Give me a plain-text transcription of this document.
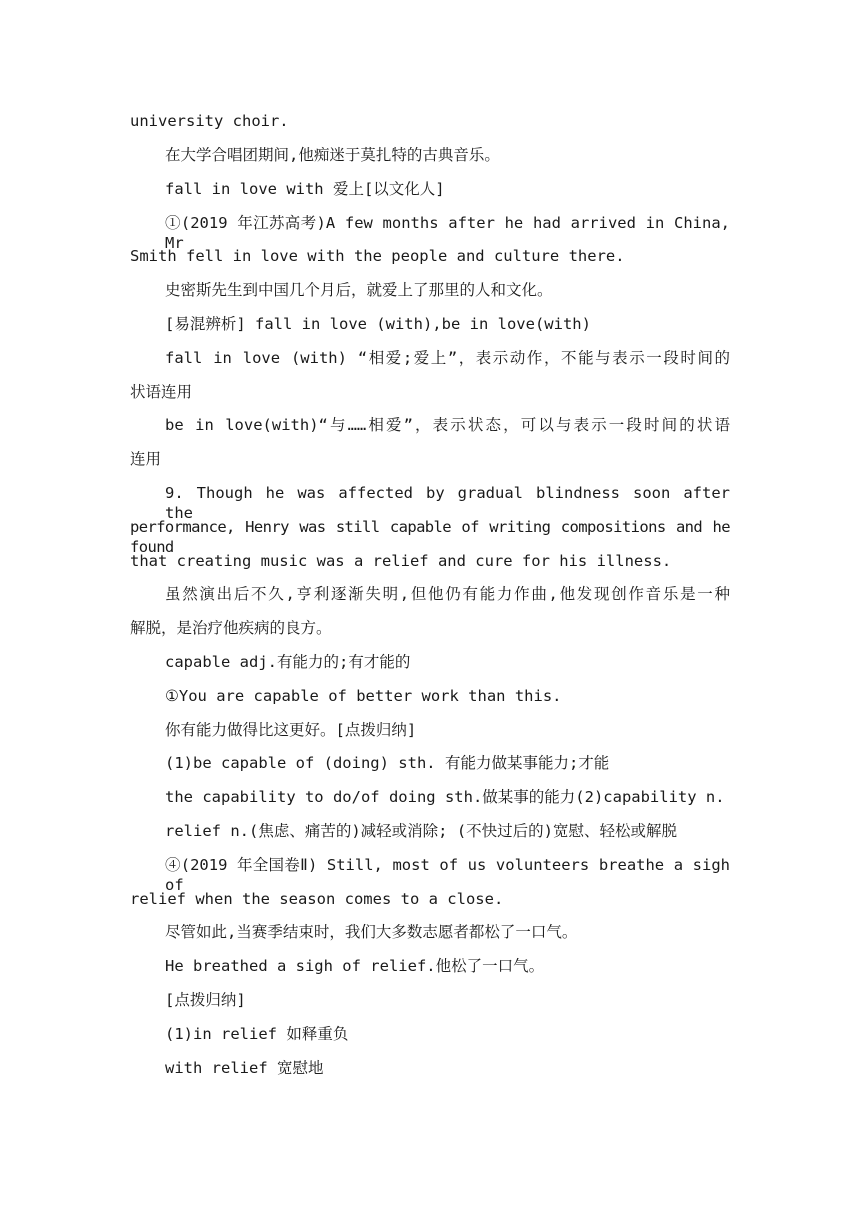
university choir.
在大学合唱团期间,他痴迷于莫扎特的古典音乐。
fall in love with 爱上[以文化人]
①(2019 年江苏高考)A few months after he had arrived in China, Mr
Smith fell in love with the people and culture there.
史密斯先生到中国几个月后，就爱上了那里的人和文化。
[易混辨析] fall in love (with),be in love(with)
fall in love (with) “相爱;爱上”，表示动作，不能与表示一段时间的
状语连用
be in love(with)“与……相爱”，表示状态，可以与表示一段时间的状语
连用
9. Though he was affected by gradual blindness soon after the
performance, Henry was still capable of writing compositions and he found
that creating music was a relief and cure for his illness.
虽然演出后不久,亨利逐渐失明,但他仍有能力作曲,他发现创作音乐是一种
解脱，是治疗他疾病的良方。
capable adj.有能力的;有才能的
①You are capable of better work than this.
你有能力做得比这更好。[点拨归纳]
(1)be capable of (doing) sth. 有能力做某事能力;才能
the capability to do/of doing sth.做某事的能力(2)capability n.
relief n.(焦虑、痛苦的)减轻或消除; (不快过后的)宽慰、轻松或解脱
④(2019 年全国卷Ⅱ) Still, most of us volunteers breathe a sigh of
relief when the season comes to a close.
尽管如此,当赛季结束时，我们大多数志愿者都松了一口气。
He breathed a sigh of relief.他松了一口气。
[点拨归纳]
(1)in relief 如释重负
with relief 宽慰地
